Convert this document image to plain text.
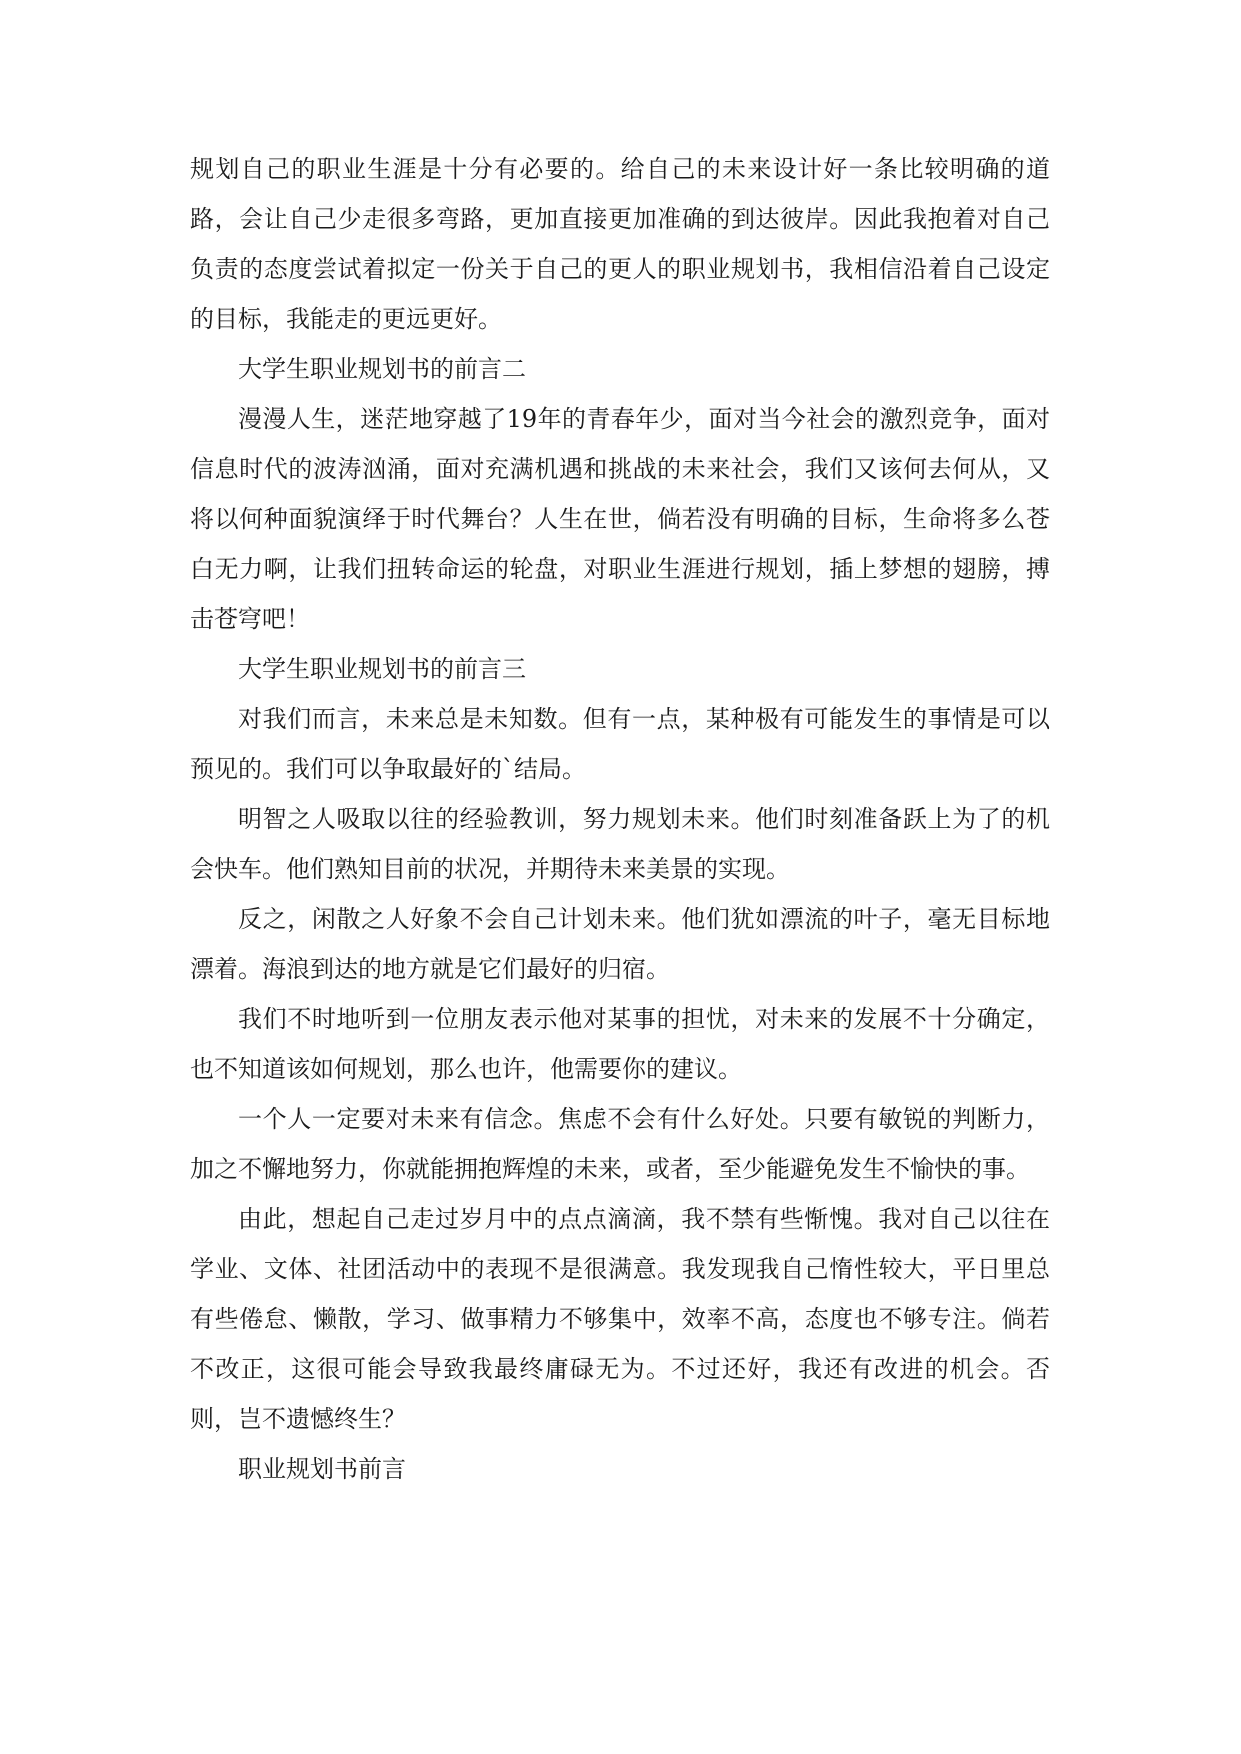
规划自己的职业生涯是十分有必要的。给自己的未来设计好一条比较明确的道路，会让自己少走很多弯路，更加直接更加准确的到达彼岸。因此我抱着对自己负责的态度尝试着拟定一份关于自己的更人的职业规划书，我相信沿着自己设定的目标，我能走的更远更好。

大学生职业规划书的前言二

漫漫人生，迷茫地穿越了19年的青春年少，面对当今社会的激烈竞争，面对信息时代的波涛汹涌，面对充满机遇和挑战的未来社会，我们又该何去何从，又将以何种面貌演绎于时代舞台？人生在世，倘若没有明确的目标，生命将多么苍白无力啊，让我们扭转命运的轮盘，对职业生涯进行规划，插上梦想的翅膀，搏击苍穹吧！

大学生职业规划书的前言三

对我们而言，未来总是未知数。但有一点，某种极有可能发生的事情是可以预见的。我们可以争取最好的`结局。

明智之人吸取以往的经验教训，努力规划未来。他们时刻准备跃上为了的机会快车。他们熟知目前的状况，并期待未来美景的实现。

反之，闲散之人好象不会自己计划未来。他们犹如漂流的叶子，毫无目标地漂着。海浪到达的地方就是它们最好的归宿。

我们不时地听到一位朋友表示他对某事的担忧，对未来的发展不十分确定，也不知道该如何规划，那么也许，他需要你的建议。

一个人一定要对未来有信念。焦虑不会有什么好处。只要有敏锐的判断力，加之不懈地努力，你就能拥抱辉煌的未来，或者，至少能避免发生不愉快的事。

由此，想起自己走过岁月中的点点滴滴，我不禁有些惭愧。我对自己以往在学业、文体、社团活动中的表现不是很满意。我发现我自己惰性较大，平日里总有些倦怠、懒散，学习、做事精力不够集中，效率不高，态度也不够专注。倘若不改正，这很可能会导致我最终庸碌无为。不过还好，我还有改进的机会。否则，岂不遗憾终生？

职业规划书前言
